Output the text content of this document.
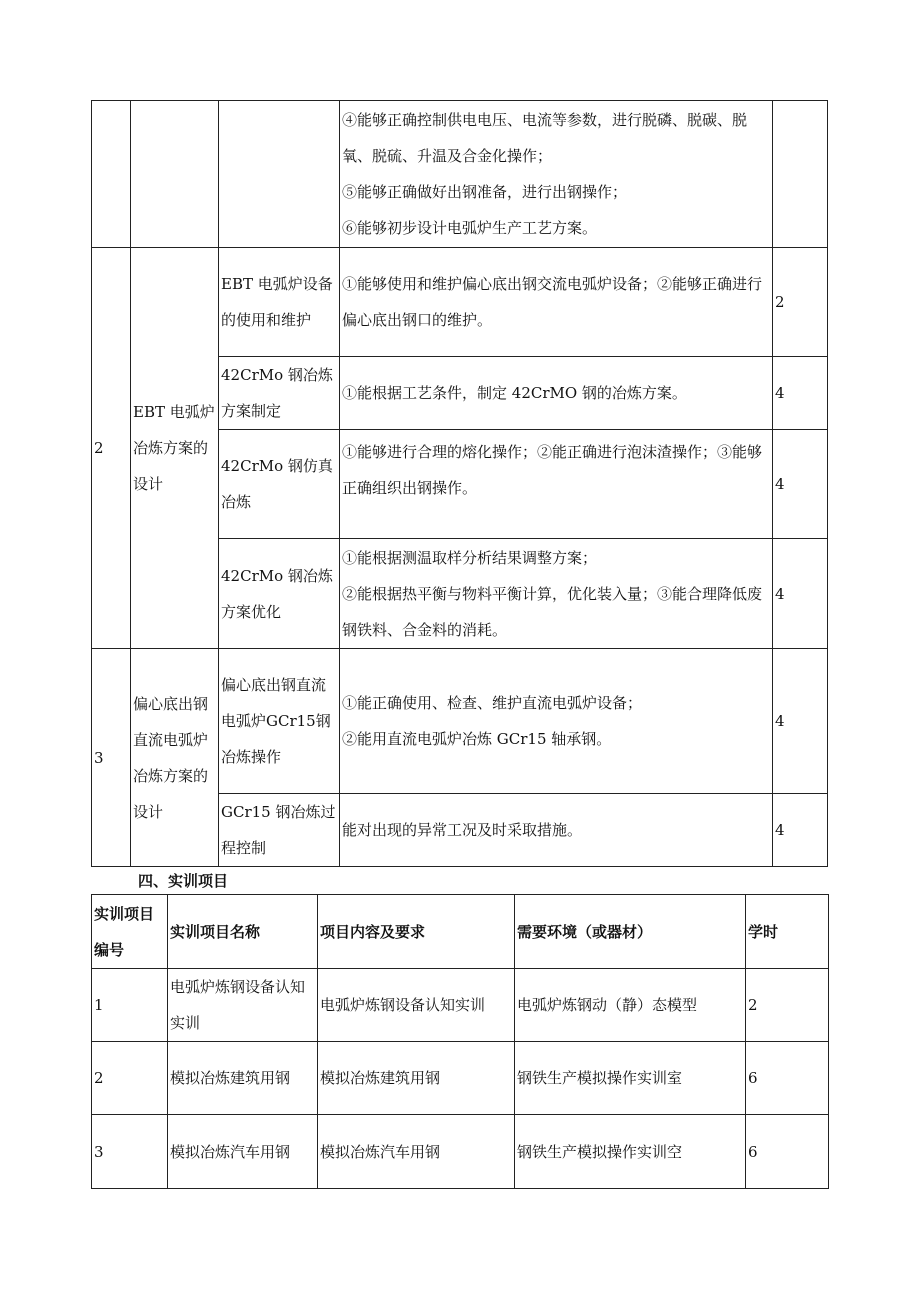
			④能够正确控制供电电压、电流等参数，进行脱磷、脱碳、脱氧、脱硫、升温及合金化操作；
⑤能够正确做好出钢准备，进行出钢操作；
⑥能够初步设计电弧炉生产工艺方案。	

2	EBT 电弧炉冶炼方案的设计	EBT 电弧炉设备的使用和维护	①能够使用和维护偏心底出钢交流电弧炉设备；②能够正确进行偏心底出钢口的维护。	2
		42CrMo 钢冶炼方案制定	①能根据工艺条件，制定 42CrMO 钢的冶炼方案。	4
		42CrMo 钢仿真冶炼	①能够进行合理的熔化操作；②能正确进行泡沫渣操作；③能够正确组织出钢操作。	4
		42CrMo 钢冶炼方案优化	①能根据测温取样分析结果调整方案；
②能根据热平衡与物料平衡计算，优化装入量；③能合理降低废钢铁料、合金料的消耗。	4
3	偏心底出钢直流电弧炉冶炼方案的设计	偏心底出钢直流电弧炉GCr15钢冶炼操作	①能正确使用、检查、维护直流电弧炉设备；
②能用直流电弧炉冶炼 GCr15 轴承钢。	4
		GCr15 钢冶炼过程控制	能对出现的异常工况及时采取措施。	4
四、实训项目
实训项目编号	实训项目名称	项目内容及要求	需要环境（或器材）	学时
1	电弧炉炼钢设备认知实训	电弧炉炼钢设备认知实训	电弧炉炼钢动（静）态模型	2
2	模拟冶炼建筑用钢	模拟冶炼建筑用钢	钢铁生产模拟操作实训室	6
3	模拟冶炼汽车用钢	模拟冶炼汽车用钢	钢铁生产模拟操作实训空	6
